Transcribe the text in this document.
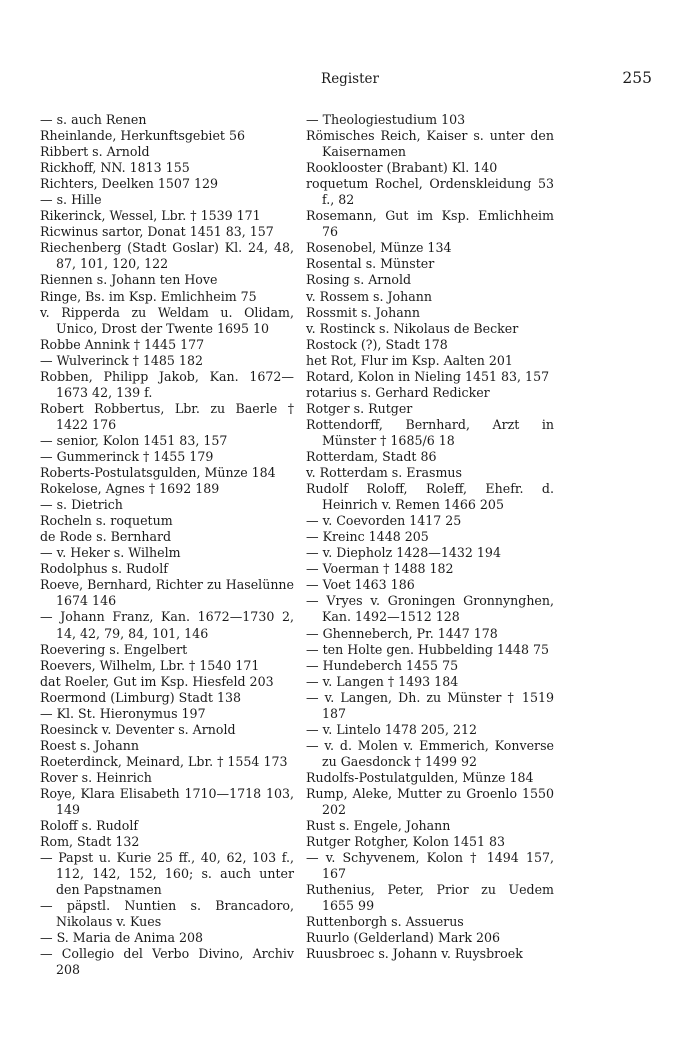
Register	255
— s. auch Renen
Rheinlande, Herkunftsgebiet 56
Ribbert s. Arnold
Rickhoff, NN. 1813 155
Richters, Deelken 1507 129
— s. Hille
Rikerinck, Wessel, Lbr. † 1539 171
Ricwinus sartor, Donat 1451 83, 157
Riechenberg (Stadt Goslar) Kl. 24, 48, 87, 101, 120, 122
Riennen s. Johann ten Hove
Ringe, Bs. im Ksp. Emlichheim 75
v. Ripperda zu Weldam u. Olidam, Unico, Drost der Twente 1695 10
Robbe Annink † 1445 177
— Wulverinck † 1485 182
Robben, Philipp Jakob, Kan. 1672—1673 42, 139 f.
Robert Robbertus, Lbr. zu Baerle † 1422 176
— senior, Kolon 1451 83, 157
— Gummerinck † 1455 179
Roberts-Postulatsgulden, Münze 184
Rokelose, Agnes † 1692 189
— s. Dietrich
Rocheln s. roquetum
de Rode s. Bernhard
— v. Heker s. Wilhelm
Rodolphus s. Rudolf
Roeve, Bernhard, Richter zu Haselünne 1674 146
— Johann Franz, Kan. 1672—1730 2, 14, 42, 79, 84, 101, 146
Roevering s. Engelbert
Roevers, Wilhelm, Lbr. † 1540 171
dat Roeler, Gut im Ksp. Hiesfeld 203
Roermond (Limburg) Stadt 138
— Kl. St. Hieronymus 197
Roesinck v. Deventer s. Arnold
Roest s. Johann
Roeterdinck, Meinard, Lbr. † 1554 173
Rover s. Heinrich
Roye, Klara Elisabeth 1710—1718 103, 149
Roloff s. Rudolf
Rom, Stadt 132
— Papst u. Kurie 25 ff., 40, 62, 103 f., 112, 142, 152, 160; s. auch unter den Papstnamen
— päpstl. Nuntien s. Brancadoro, Nikolaus v. Kues
— S. Maria de Anima 208
— Collegio del Verbo Divino, Archiv 208
— Theologiestudium 103
Römisches Reich, Kaiser s. unter den Kaisernamen
Rooklooster (Brabant) Kl. 140
roquetum Rochel, Ordenskleidung 53 f., 82
Rosemann, Gut im Ksp. Emlichheim 76
Rosenobel, Münze 134
Rosental s. Münster
Rosing s. Arnold
v. Rossem s. Johann
Rossmit s. Johann
v. Rostinck s. Nikolaus de Becker
Rostock (?), Stadt 178
het Rot, Flur im Ksp. Aalten 201
Rotard, Kolon in Nieling 1451 83, 157
rotarius s. Gerhard Redicker
Rotger s. Rutger
Rottendorff, Bernhard, Arzt in Münster † 1685/6 18
Rotterdam, Stadt 86
v. Rotterdam s. Erasmus
Rudolf Roloff, Roleff, Ehefr. d. Heinrich v. Remen 1466 205
— v. Coevorden 1417 25
— Kreinc 1448 205
— v. Diepholz 1428—1432 194
— Voerman † 1488 182
— Voet 1463 186
— Vryes v. Groningen Gronnynghen, Kan. 1492—1512 128
— Ghenneberch, Pr. 1447 178
— ten Holte gen. Hubbelding 1448 75
— Hundeberch 1455 75
— v. Langen † 1493 184
— v. Langen, Dh. zu Münster † 1519 187
— v. Lintelo 1478 205, 212
— v. d. Molen v. Emmerich, Konverse zu Gaesdonck † 1499 92
Rudolfs-Postulatgulden, Münze 184
Rump, Aleke, Mutter zu Groenlo 1550 202
Rust s. Engele, Johann
Rutger Rotgher, Kolon 1451 83
— v. Schyvenem, Kolon † 1494 157, 167
Ruthenius, Peter, Prior zu Uedem 1655 99
Ruttenborgh s. Assuerus
Ruurlo (Gelderland) Mark 206
Ruusbroec s. Johann v. Ruysbroek
